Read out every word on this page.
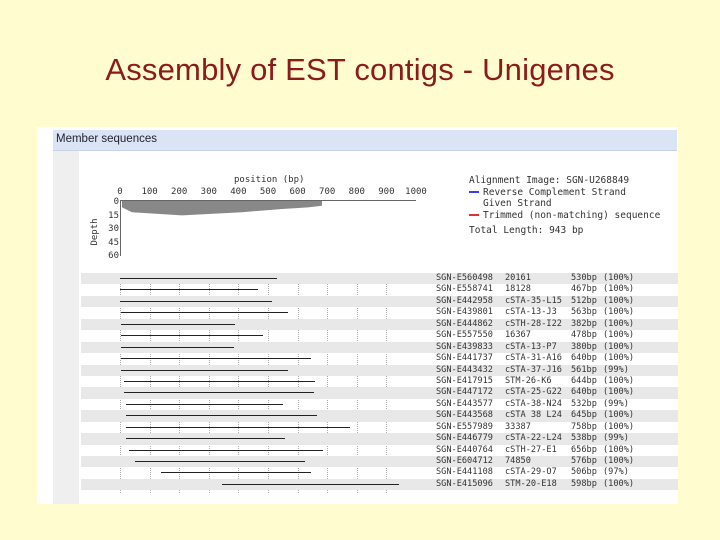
Assembly of EST contigs - Unigenes
Member sequences
position (bp)
0	100	200	300	400	500	600	700	800	900	1000
Depth
0
15
30
45
60
Alignment Image: SGN-U268849
Reverse Complement Strand
Given Strand
Trimmed (non-matching) sequence
Total Length: 943 bp
SGN-E560498 20161	530bp (100%)
SGN-E558741 18128	467bp (100%)
SGN-E442958 cSTA-35-L15 512bp (100%)
SGN-E439801 cSTA-13-J3 563bp (100%)
SGN-E444862 cSTH-28-I22 382bp (100%)
SGN-E557550 16367	478bp (100%)
SGN-E439833 cSTA-13-P7 380bp (100%)
SGN-E441737 cSTA-31-A16 640bp (100%)
SGN-E443432 cSTA-37-J16 561bp (99%)
SGN-E417915 STM-26-K6 644bp (100%)
SGN-E447172 cSTA-25-G22 640bp (100%)
SGN-E443577 cSTA-38-N24 532bp (99%)
SGN-E443568 cSTA 38 L24 645bp (100%)
SGN-E557989 33387	758bp (100%)
SGN-E446779 cSTA-22-L24 538bp (99%)
SGN-E440764 cSTH-27-E1 656bp (100%)
SGN-E604712 74850	576bp (100%)
SGN-E441108 cSTA-29-O7 506bp (97%)
SGN-E415096 STM-20-E18 598bp (100%)
